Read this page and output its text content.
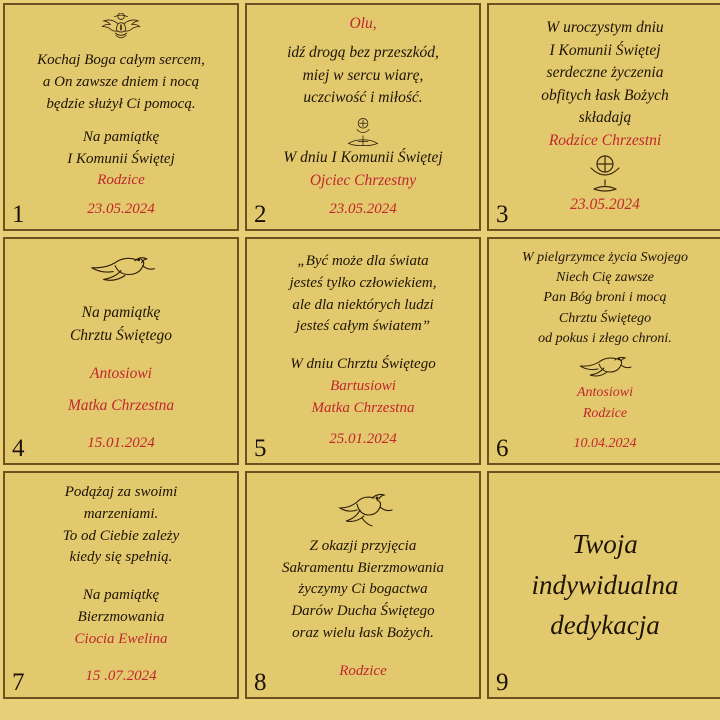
Kochaj Boga całym sercem,
a On zawsze dniem i nocą
będzie służył Ci pomocą.
Na pamiątkę
I Komunii Świętej
Rodzice
23.05.2024
1
Olu,
idź drogą bez przeszkód,
miej w sercu wiarę,
uczciwość i miłość.
W dniu I Komunii Świętej
Ojciec Chrzestny
23.05.2024
2
W uroczystym dniu
I Komunii Świętej
serdeczne życzenia
obfitych łask Bożych
składają
Rodzice Chrzestni
23.05.2024
3
Na pamiątkę
Chrztu Świętego
Antosiowi
Matka Chrzestna
15.01.2024
4
„Być może dla świata
jesteś tylko człowiekiem,
ale dla niektórych ludzi
jesteś całym światem”
W dniu Chrztu Świętego
Bartusiowi
Matka Chrzestna
25.01.2024
5
W pielgrzymce życia Swojego
Niech Cię zawsze
Pan Bóg broni i mocą
Chrztu Świętego
od pokus i złego chroni.
Antosiowi
Rodzice
10.04.2024
6
Podążaj za swoimi
marzeniami.
To od Ciebie zależy
kiedy się spełnią.
Na pamiątkę
Bierzmowania
Ciocia Ewelina
15 .07.2024
7
Z okazji przyjęcia
Sakramentu Bierzmowania
życzymy Ci bogactwa
Darów Ducha Świętego
oraz wielu łask Bożych.
Rodzice
8
Twoja
indywidualna
dedykacja
9
